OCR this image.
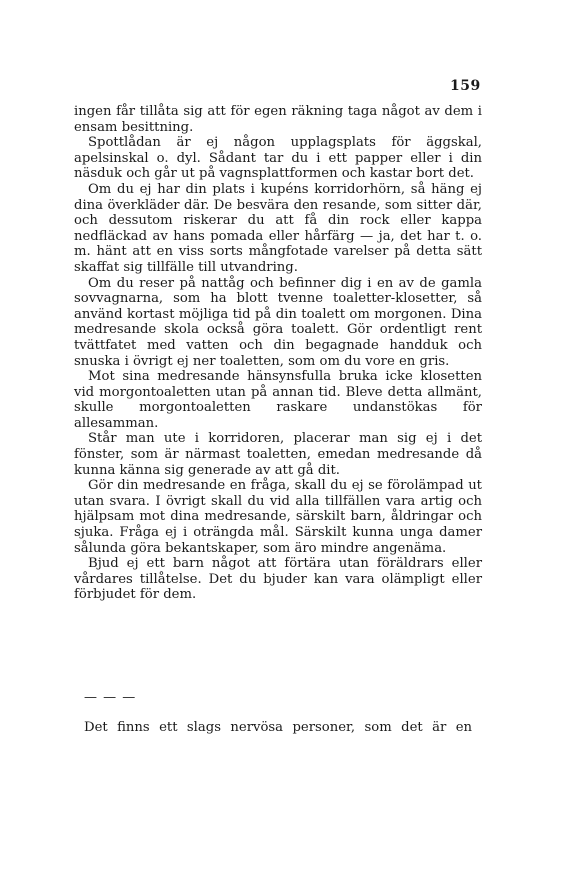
159

ingen får tillåta sig att för egen räkning taga något av dem i ensam besittning.

Spottlådan är ej någon upplagsplats för äggskal, apelsinskal o. dyl. Sådant tar du i ett papper eller i din näsduk och går ut på vagnsplattformen och kastar bort det.

Om du ej har din plats i kupéns korridorhörn, så häng ej dina överkläder där. De besvära den resande, som sitter där, och dessutom riskerar du att få din rock eller kappa nedfläckad av hans pomada eller hårfärg — ja, det har t. o. m. hänt att en viss sorts mångfotade varelser på detta sätt skaffat sig tillfälle till utvandring.

Om du reser på nattåg och befinner dig i en av de gamla sovvagnarna, som ha blott tvenne toaletter-klosetter, så använd kortast möjliga tid på din toalett om morgonen. Dina medresande skola också göra toalett. Gör ordentligt rent tvättfatet med vatten och din begagnade handduk och snuska i övrigt ej ner toaletten, som om du vore en gris.

Mot sina medresande hänsynsfulla bruka icke klosetten vid morgontoaletten utan på annan tid. Bleve detta allmänt, skulle morgontoaletten raskare undanstökas för allesamman.

Står man ute i korridoren, placerar man sig ej i det fönster, som är närmast toaletten, emedan medresande då kunna känna sig generade av att gå dit.

Gör din medresande en fråga, skall du ej se förolämpad ut utan svara. I övrigt skall du vid alla tillfällen vara artig och hjälpsam mot dina medresande, särskilt barn, åldringar och sjuka. Fråga ej i oträngda mål. Särskilt kunna unga damer sålunda göra bekantskaper, som äro mindre angenäma.

Bjud ej ett barn något att förtära utan föräldrars eller vårdares tillåtelse. Det du bjuder kan vara olämpligt eller förbjudet för dem.

— — —

Det finns ett slags nervösa personer, som det är en
